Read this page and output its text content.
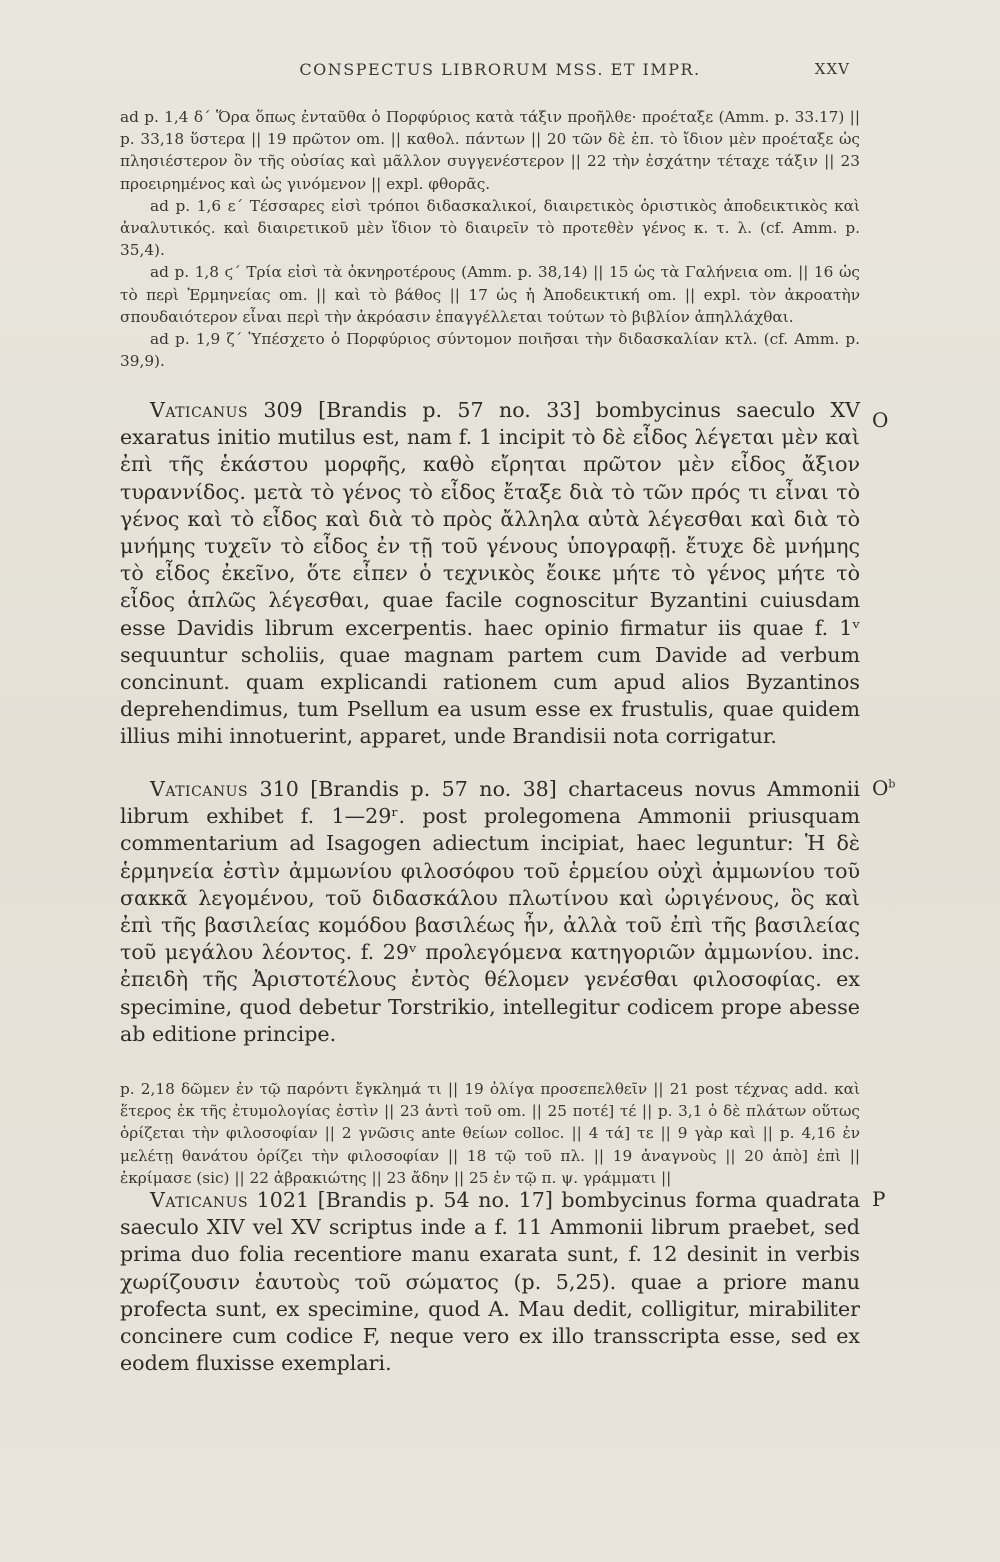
CONSPECTUS LIBRORUM MSS. ET IMPR.	XXV

ad p. 1,4 δ´ Ὅρα ὅπως ἐνταῦθα ὁ Πορφύριος κατὰ τάξιν προῆλθε· προέταξε (Amm. p. 33.17) || p. 33,18 ὕστερα || 19 πρῶτον om. || καθολ. πάντων || 20 τῶν δὲ ἐπ. τὸ ἴδιον μὲν προέταξε ὡς πλησιέστερον ὂν τῆς οὐσίας καὶ μᾶλλον συγγενέστερον || 22 τὴν ἐσχάτην τέταχε τάξιν || 23 προειρημένος καὶ ὡς γινόμενον || expl. φθορᾶς.

ad p. 1,6 ε´ Τέσσαρες εἰσὶ τρόποι διδασκαλικοί, διαιρετικὸς ὁριστικὸς ἀποδεικτικὸς καὶ ἀναλυτικός. καὶ διαιρετικοῦ μὲν ἴδιον τὸ διαιρεῖν τὸ προτεθὲν γένος κ. τ. λ. (cf. Amm. p. 35,4).

ad p. 1,8 ϛ´ Τρία εἰσὶ τὰ ὀκνηροτέρους (Amm. p. 38,14) || 15 ὡς τὰ Γαλήνεια om. || 16 ὡς τὸ περὶ Ἑρμηνείας om. || καὶ τὸ βάθος || 17 ὡς ἡ Ἀποδεικτική om. || expl. τὸν ἀκροατὴν σπουδαιότερον εἶναι περὶ τὴν ἀκρόασιν ἐπαγγέλλεται τούτων τὸ βιβλίον ἀπηλλάχθαι.

ad p. 1,9 ζ´ Ὑπέσχετο ὁ Πορφύριος σύντομον ποιῆσαι τὴν διδασκαλίαν κτλ. (cf. Amm. p. 39,9).

Vaticanus 309 [Brandis p. 57 no. 33] bombycinus saeculo XV exaratus initio mutilus est, nam f. 1 incipit τὸ δὲ εἶδος λέγεται μὲν καὶ ἐπὶ τῆς ἑκάστου μορφῆς, καθὸ εἴρηται πρῶτον μὲν εἶδος ἄξιον τυραννίδος. μετὰ τὸ γένος τὸ εἶδος ἔταξε διὰ τὸ τῶν πρός τι εἶναι τὸ γένος καὶ τὸ εἶδος καὶ διὰ τὸ πρὸς ἄλληλα αὐτὰ λέγεσθαι καὶ διὰ τὸ μνήμης τυχεῖν τὸ εἶδος ἐν τῇ τοῦ γένους ὑπογραφῇ. ἔτυχε δὲ μνήμης τὸ εἶδος ἐκεῖνο, ὅτε εἶπεν ὁ τεχνικὸς ἔοικε μήτε τὸ γένος μήτε τὸ εἶδος ἁπλῶς λέγεσθαι, quae facile cognoscitur Byzantini cuiusdam esse Davidis librum excerpentis. haec opinio firmatur iis quae f. 1ᵛ sequuntur scholiis, quae magnam partem cum Davide ad verbum concinunt. quam explicandi rationem cum apud alios Byzantinos deprehendimus, tum Psellum ea usum esse ex frustulis, quae quidem illius mihi innotuerint, apparet, unde Brandisii nota corrigatur.

O

Vaticanus 310 [Brandis p. 57 no. 38] chartaceus novus Ammonii librum exhibet f. 1—29ʳ. post prolegomena Ammonii priusquam commentarium ad Isagogen adiectum incipiat, haec leguntur: Ἡ δὲ ἑρμηνεία ἐστὶν ἀμμωνίου φιλοσόφου τοῦ ἑρμείου οὐχὶ ἀμμωνίου τοῦ σακκᾶ λεγομένου, τοῦ διδασκάλου πλωτίνου καὶ ὠριγένους, ὃς καὶ ἐπὶ τῆς βασιλείας κομόδου βασιλέως ἦν, ἀλλὰ τοῦ ἐπὶ τῆς βασιλείας τοῦ μεγάλου λέοντος. f. 29ᵛ προλεγόμενα κατηγοριῶν ἀμμωνίου. inc. ἐπειδὴ τῆς Ἀριστοτέλους ἐντὸς θέλομεν γενέσθαι φιλοσοφίας. ex specimine, quod debetur Torstrikio, intellegitur codicem prope abesse ab editione principe.

$O^b$

p. 2,18 δῶμεν ἐν τῷ παρόντι ἔγκλημά τι || 19 ὀλίγα προσεπελθεῖν || 21 post τέχνας add. καὶ ἕτερος ἐκ τῆς ἐτυμολογίας ἐστὶν || 23 ἀντὶ τοῦ om. || 25 ποτέ] τέ || p. 3,1 ὁ δὲ πλάτων οὕτως ὁρίζεται τὴν φιλοσοφίαν || 2 γνῶσις ante θείων colloc. || 4 τά] τε || 9 γὰρ καὶ || p. 4,16 ἐν μελέτῃ θανάτου ὁρίζει τὴν φιλοσοφίαν || 18 τῷ τοῦ πλ. || 19 ἀναγνοὺς || 20 ἀπὸ] ἐπὶ || ἐκρίμασε (sic) || 22 ἀβρακιώτης || 23 ἄδην || 25 ἐν τῷ π. ψ. γράμματι ||

Vaticanus 1021 [Brandis p. 54 no. 17] bombycinus forma quadrata saeculo XIV vel XV scriptus inde a f. 11 Ammonii librum praebet, sed prima duo folia recentiore manu exarata sunt, f. 12 desinit in verbis χωρίζουσιν ἑαυτοὺς τοῦ σώματος (p. 5,25). quae a priore manu profecta sunt, ex specimine, quod A. Mau dedit, colligitur, mirabiliter concinere cum codice F, neque vero ex illo transscripta esse, sed ex eodem fluxisse exemplari.

P
